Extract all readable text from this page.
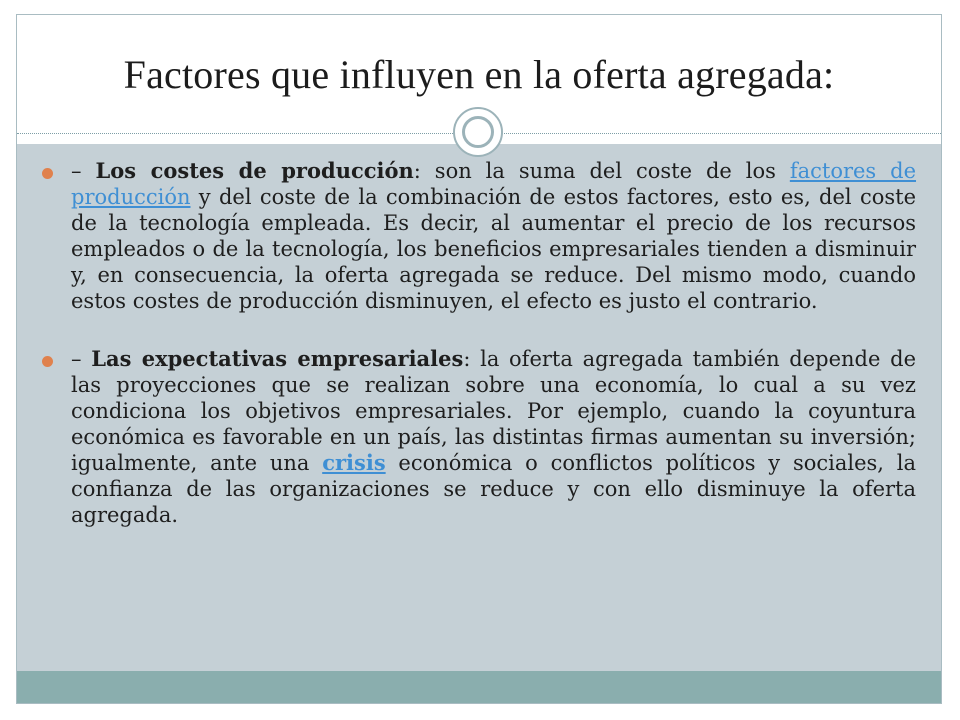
Factores que influyen en la oferta agregada:
– Los costes de producción: son la suma del coste de los factores de producción y del coste de la combinación de estos factores, esto es, del coste de la tecnología empleada. Es decir, al aumentar el precio de los recursos empleados o de la tecnología, los beneficios empresariales tienden a disminuir y, en consecuencia, la oferta agregada se reduce. Del mismo modo, cuando estos costes de producción disminuyen, el efecto es justo el contrario.
– Las expectativas empresariales: la oferta agregada también depende de las proyecciones que se realizan sobre una economía, lo cual a su vez condiciona los objetivos empresariales. Por ejemplo, cuando la coyuntura económica es favorable en un país, las distintas firmas aumentan su inversión; igualmente, ante una crisis económica o conflictos políticos y sociales, la confianza de las organizaciones se reduce y con ello disminuye la oferta agregada.
